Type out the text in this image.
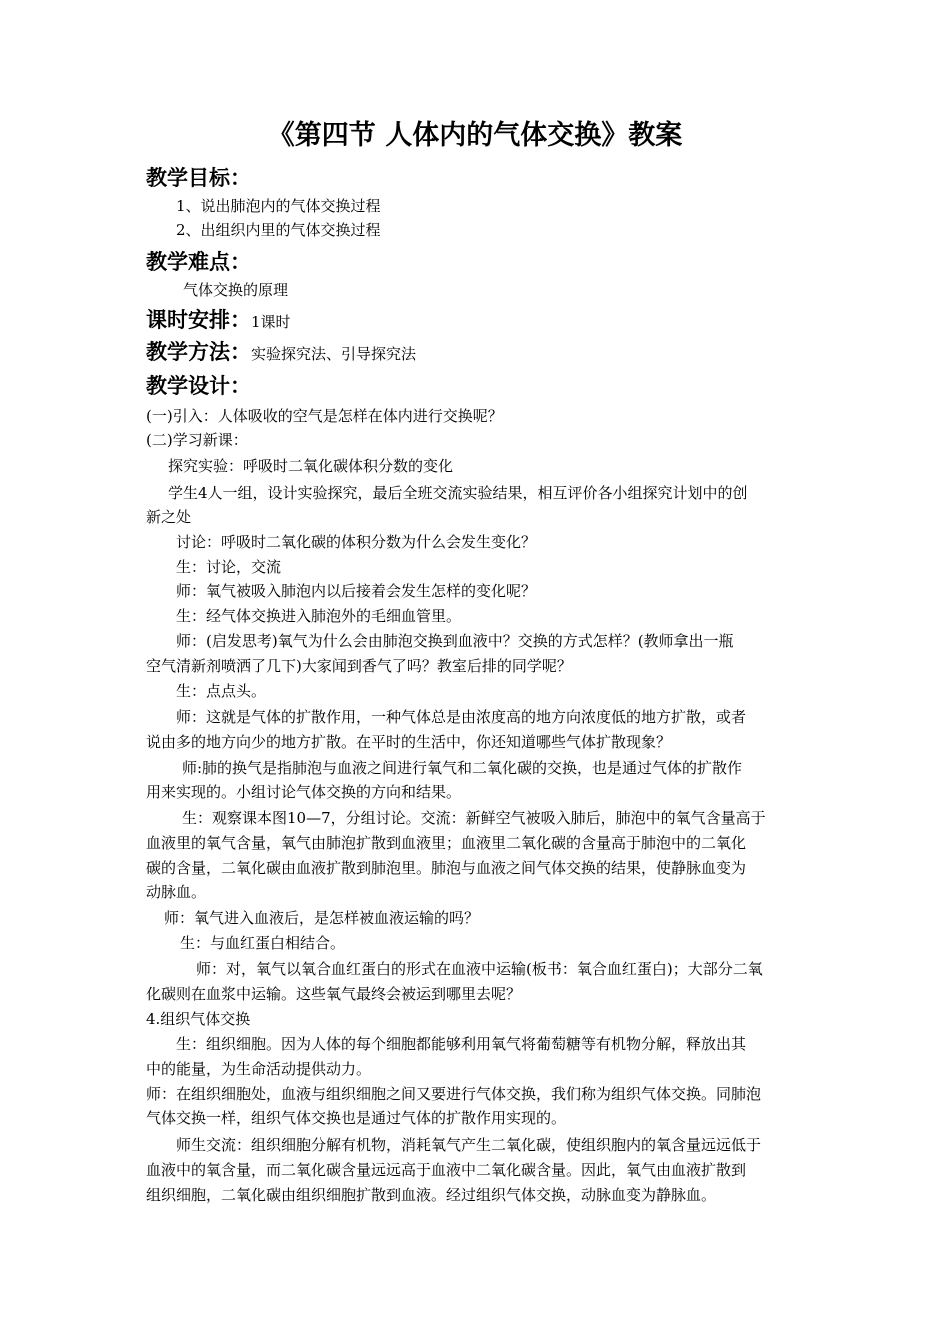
《第四节 人体内的气体交换》教案
教学目标：
1、说出肺泡内的气体交换过程
2、出组织内里的气体交换过程
教学难点：
气体交换的原理
课时安排：1课时
教学方法：实验探究法、引导探究法
教学设计：
(一)引入：人体吸收的空气是怎样在体内进行交换呢？
(二)学习新课：
探究实验：呼吸时二氧化碳体积分数的变化
学生4人一组，设计实验探究，最后全班交流实验结果，相互评价各小组探究计划中的创
新之处
讨论：呼吸时二氧化碳的体积分数为什么会发生变化？
生：讨论，交流
师：氧气被吸入肺泡内以后接着会发生怎样的变化呢？
生：经气体交换进入肺泡外的毛细血管里。
师：(启发思考)氧气为什么会由肺泡交换到血液中？交换的方式怎样？(教师拿出一瓶
空气清新剂喷洒了几下)大家闻到香气了吗？教室后排的同学呢？
生：点点头。
师：这就是气体的扩散作用，一种气体总是由浓度高的地方向浓度低的地方扩散，或者
说由多的地方向少的地方扩散。在平时的生活中，你还知道哪些气体扩散现象？
师:肺的换气是指肺泡与血液之间进行氧气和二氧化碳的交换，也是通过气体的扩散作
用来实现的。小组讨论气体交换的方向和结果。
生：观察课本图10—7，分组讨论。交流：新鲜空气被吸入肺后，肺泡中的氧气含量高于
血液里的氧气含量，氧气由肺泡扩散到血液里；血液里二氧化碳的含量高于肺泡中的二氧化
碳的含量，二氧化碳由血液扩散到肺泡里。肺泡与血液之间气体交换的结果，使静脉血变为
动脉血。
师：氧气进入血液后，是怎样被血液运输的吗？
生：与血红蛋白相结合。
师：对，氧气以氧合血红蛋白的形式在血液中运输(板书：氧合血红蛋白)；大部分二氧
化碳则在血浆中运输。这些氧气最终会被运到哪里去呢？
4.组织气体交换
生：组织细胞。因为人体的每个细胞都能够利用氧气将葡萄糖等有机物分解，释放出其
中的能量，为生命活动提供动力。
师：在组织细胞处，血液与组织细胞之间又要进行气体交换，我们称为组织气体交换。同肺泡
气体交换一样，组织气体交换也是通过气体的扩散作用实现的。
师生交流：组织细胞分解有机物，消耗氧气产生二氧化碳，使组织胞内的氧含量远远低于
血液中的氧含量，而二氧化碳含量远远高于血液中二氧化碳含量。因此，氧气由血液扩散到
组织细胞，二氧化碳由组织细胞扩散到血液。经过组织气体交换，动脉血变为静脉血。
